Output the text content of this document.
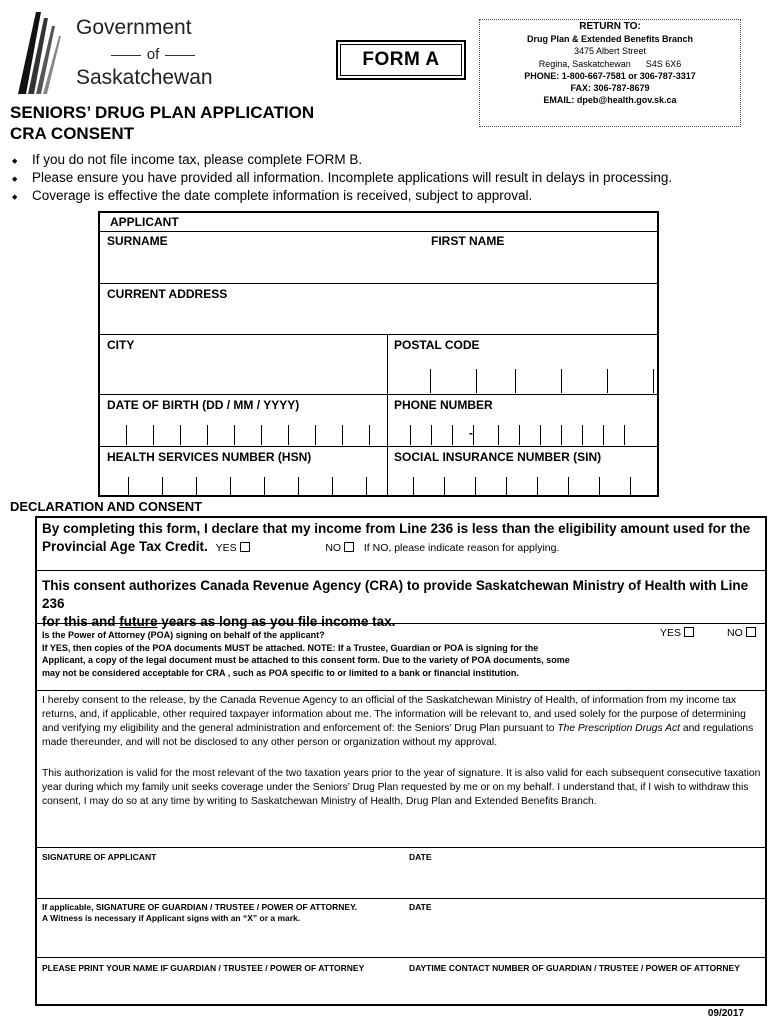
Government
of
Saskatchewan
FORM A
RETURN TO:
Drug Plan & Extended Benefits Branch
3475 Albert Street
Regina, Saskatchewan S4S 6X6
PHONE: 1-800-667-7581 or 306-787-3317
FAX: 306-787-8679
EMAIL: dpeb@health.gov.sk.ca
SENIORS’ DRUG PLAN APPLICATION
CRA CONSENT
◆ If you do not file income tax, please complete FORM B.
◆ Please ensure you have provided all information. Incomplete applications will result in delays in processing.
◆ Coverage is effective the date complete information is received, subject to approval.
APPLICANT
SURNAME	FIRST NAME
CURRENT ADDRESS
CITY	POSTAL CODE
DATE OF BIRTH (DD / MM / YYYY)	PHONE NUMBER
-
HEALTH SERVICES NUMBER (HSN)	SOCIAL INSURANCE NUMBER (SIN)
DECLARATION AND CONSENT
By completing this form, I declare that my income from Line 236 is less than the eligibility amount used for the
Provincial Age Tax Credit. YES	NO If NO, please indicate reason for applying.
This consent authorizes Canada Revenue Agency (CRA) to provide Saskatchewan Ministry of Health with Line 236
for this and future years as long as you file income tax.
Is the Power of Attorney (POA) signing on behalf of the applicant?
If YES, then copies of the POA documents MUST be attached. NOTE: If a Trustee, Guardian or POA is signing for the
Applicant, a copy of the legal document must be attached to this consent form. Due to the variety of POA documents, some
may not be considered acceptable for CRA , such as POA specific to or limited to a bank or financial institution.
YES	NO
I hereby consent to the release, by the Canada Revenue Agency to an official of the Saskatchewan Ministry of Health, of information from my income tax returns, and, if applicable, other required taxpayer information about me. The information will be relevant to, and used solely for the purpose of determining and verifying my eligibility and the general administration and enforcement of: the Seniors’ Drug Plan pursuant to The Prescription Drugs Act and regulations made thereunder, and will not be disclosed to any other person or organization without my approval.
This authorization is valid for the most relevant of the two taxation years prior to the year of signature. It is also valid for each subsequent consecutive taxation year during which my family unit seeks coverage under the Seniors’ Drug Plan requested by me or on my behalf. I understand that, if I wish to withdraw this consent, I may do so at any time by writing to Saskatchewan Ministry of Health, Drug Plan and Extended Benefits Branch.
SIGNATURE OF APPLICANT	DATE
If applicable, SIGNATURE OF GUARDIAN / TRUSTEE / POWER OF ATTORNEY.
A Witness is necessary if Applicant signs with an “X” or a mark.
DATE
PLEASE PRINT YOUR NAME IF GUARDIAN / TRUSTEE / POWER OF ATTORNEY	DAYTIME CONTACT NUMBER OF GUARDIAN / TRUSTEE / POWER OF ATTORNEY
09/2017
